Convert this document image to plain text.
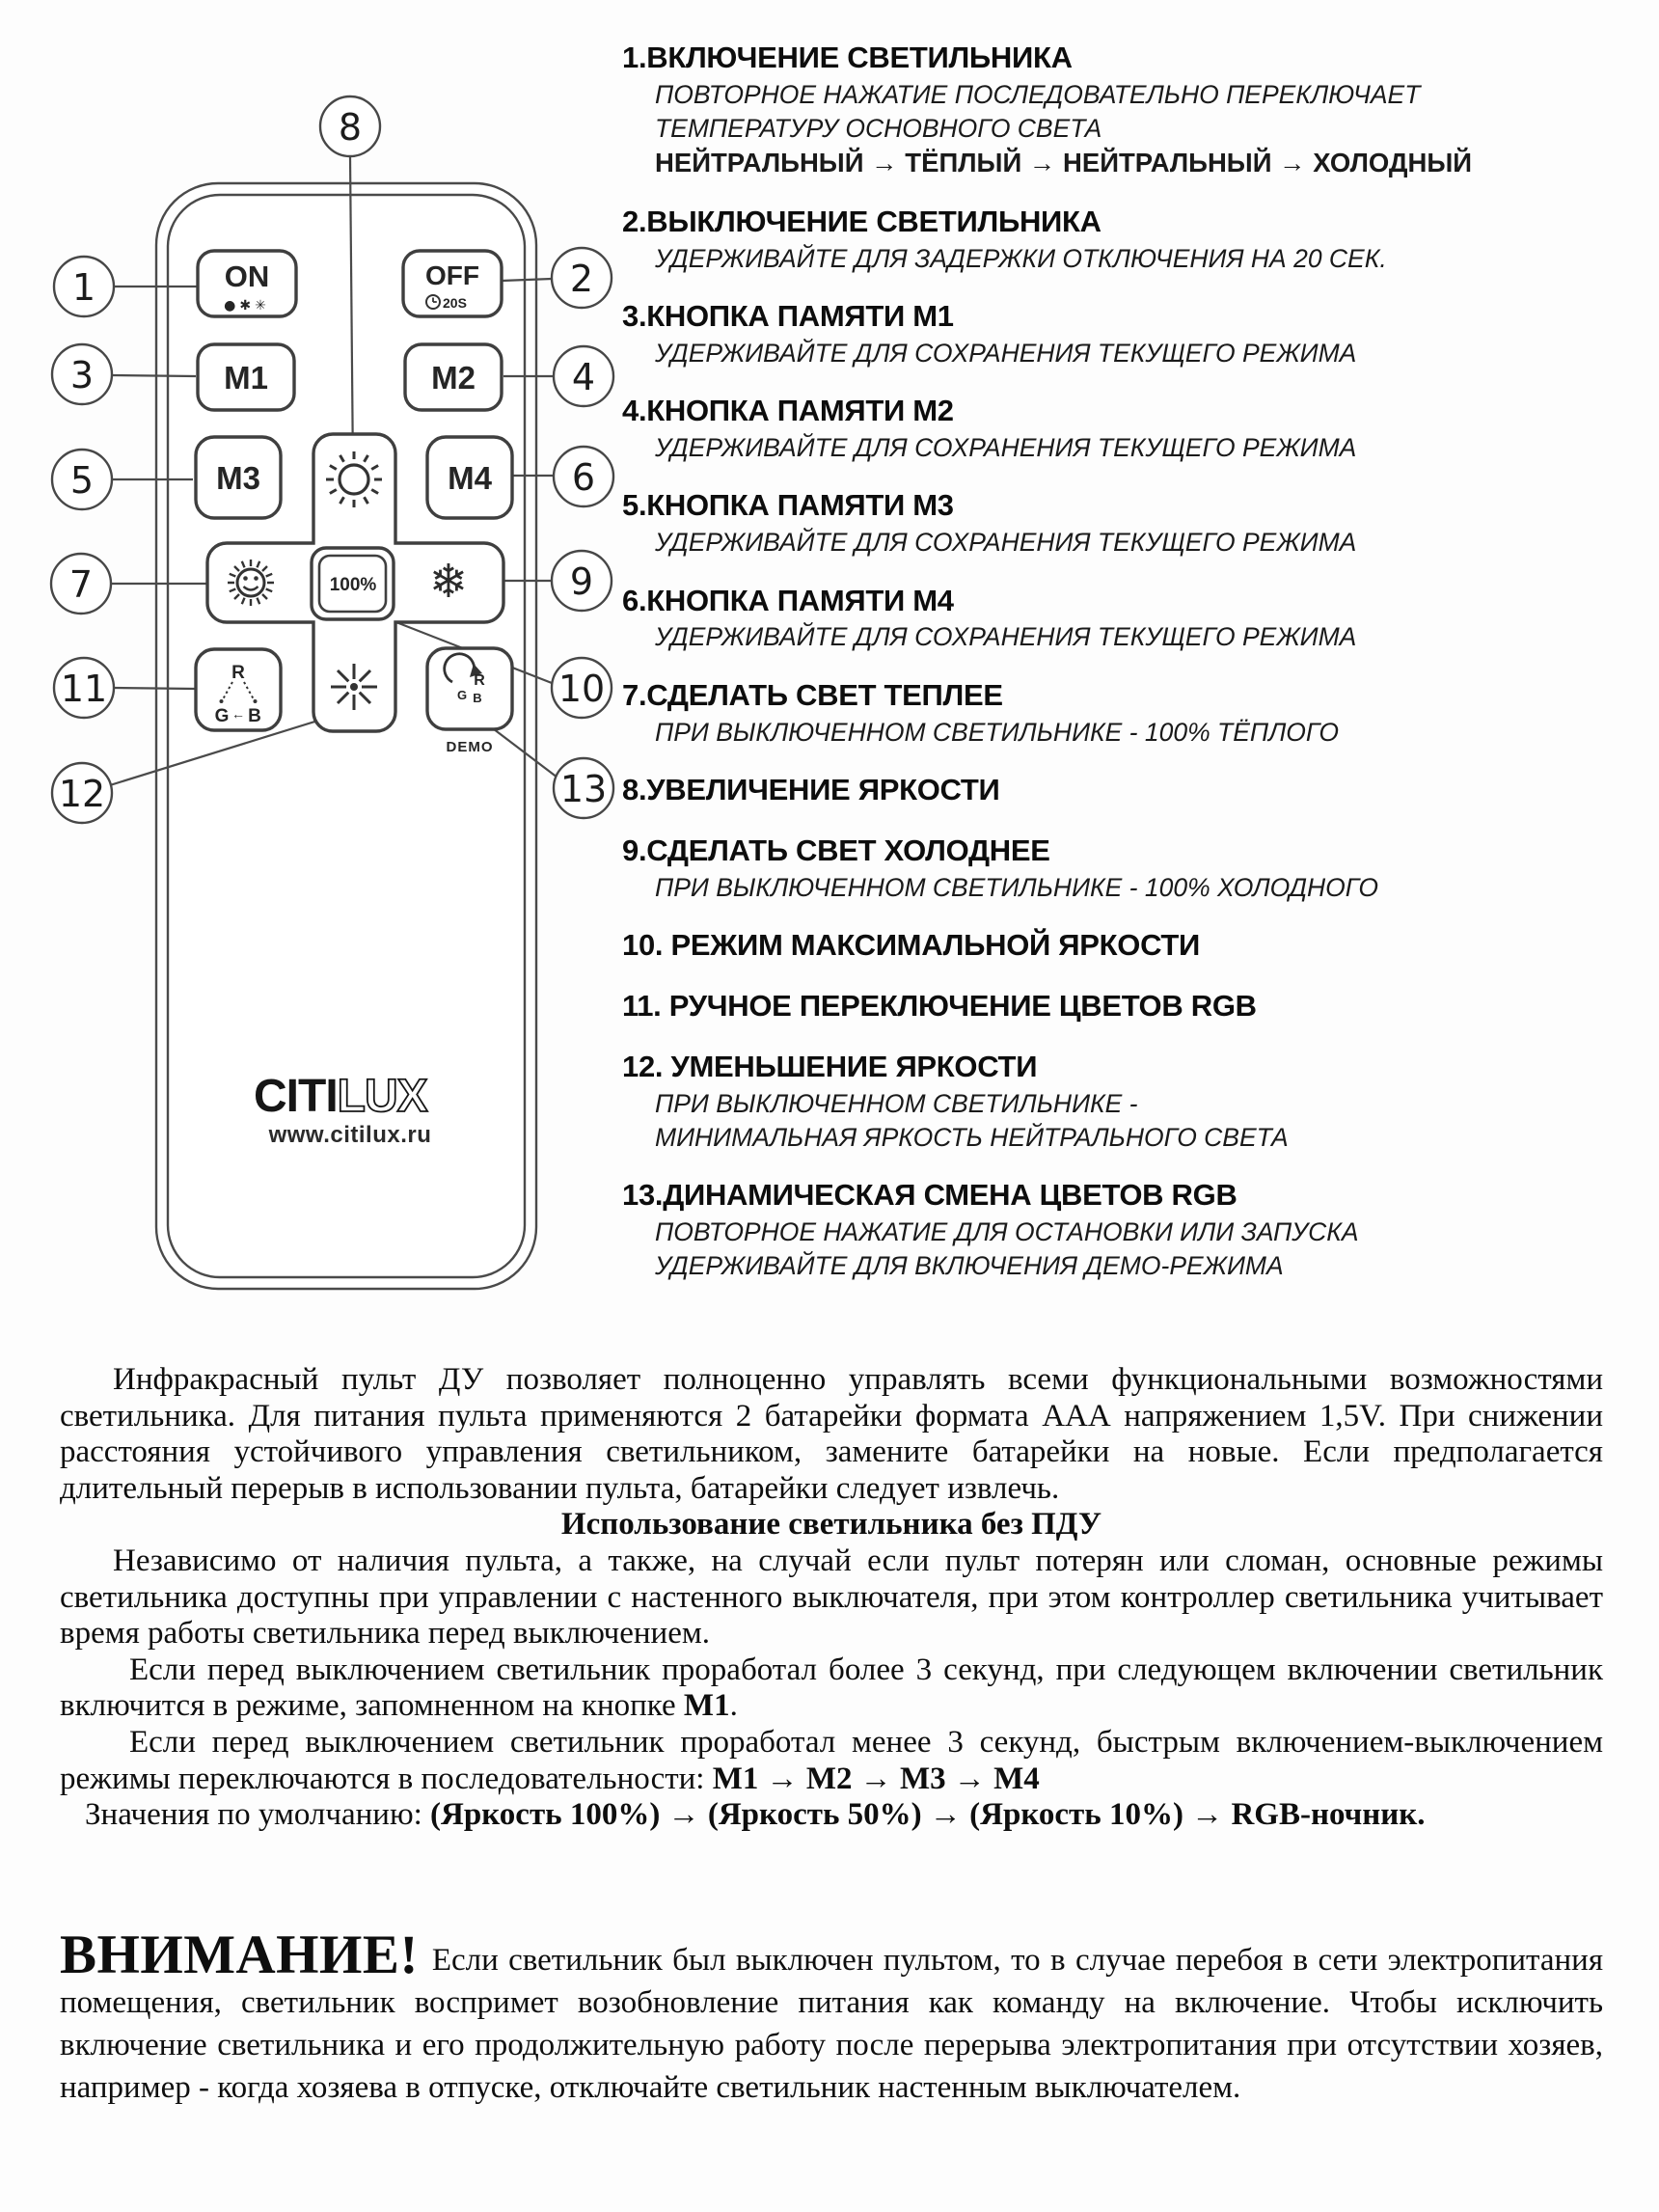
❄
ON
●✱✳
OFF
20S
M1	M2
M3	M4
100%
R
G ← B
R
G B
DEMO
CITILUX
www.citilux.ru
1	2
3	4
5	6
7
8
9
10
11
12	13
1.ВКЛЮЧЕНИЕ СВЕТИЛЬНИКА
ПОВТОРНОЕ НАЖАТИЕ ПОСЛЕДОВАТЕЛЬНО ПЕРЕКЛЮЧАЕТ
ТЕМПЕРАТУРУ ОСНОВНОГО СВЕТА
НЕЙТРАЛЬНЫЙ → ТЁПЛЫЙ → НЕЙТРАЛЬНЫЙ → ХОЛОДНЫЙ
2.ВЫКЛЮЧЕНИЕ СВЕТИЛЬНИКА
УДЕРЖИВАЙТЕ ДЛЯ ЗАДЕРЖКИ ОТКЛЮЧЕНИЯ НА 20 СЕК.
3.КНОПКА ПАМЯТИ М1
УДЕРЖИВАЙТЕ ДЛЯ СОХРАНЕНИЯ ТЕКУЩЕГО РЕЖИМА
4.КНОПКА ПАМЯТИ М2
УДЕРЖИВАЙТЕ ДЛЯ СОХРАНЕНИЯ ТЕКУЩЕГО РЕЖИМА
5.КНОПКА ПАМЯТИ М3
УДЕРЖИВАЙТЕ ДЛЯ СОХРАНЕНИЯ ТЕКУЩЕГО РЕЖИМА
6.КНОПКА ПАМЯТИ М4
УДЕРЖИВАЙТЕ ДЛЯ СОХРАНЕНИЯ ТЕКУЩЕГО РЕЖИМА
7.СДЕЛАТЬ СВЕТ ТЕПЛЕЕ
ПРИ ВЫКЛЮЧЕННОМ СВЕТИЛЬНИКЕ - 100% ТЁПЛОГО
8.УВЕЛИЧЕНИЕ ЯРКОСТИ
9.СДЕЛАТЬ СВЕТ ХОЛОДНЕЕ
ПРИ ВЫКЛЮЧЕННОМ СВЕТИЛЬНИКЕ - 100% ХОЛОДНОГО
10. РЕЖИМ МАКСИМАЛЬНОЙ ЯРКОСТИ
11. РУЧНОЕ ПЕРЕКЛЮЧЕНИЕ ЦВЕТОВ RGB
12. УМЕНЬШЕНИЕ ЯРКОСТИ
ПРИ ВЫКЛЮЧЕННОМ СВЕТИЛЬНИКЕ -
МИНИМАЛЬНАЯ ЯРКОСТЬ НЕЙТРАЛЬНОГО СВЕТА
13.ДИНАМИЧЕСКАЯ СМЕНА ЦВЕТОВ RGB
ПОВТОРНОЕ НАЖАТИЕ ДЛЯ ОСТАНОВКИ ИЛИ ЗАПУСКА
УДЕРЖИВАЙТЕ ДЛЯ ВКЛЮЧЕНИЯ ДЕМО-РЕЖИМА

Инфракрасный пульт ДУ позволяет полноценно управлять всеми функциональными возможностями светильника. Для питания пульта применяются 2 батарейки формата ААА напряжением 1,5V. При снижении расстояния устойчивого управления светильником, замените батарейки на новые. Если предполагается длительный перерыв в использовании пульта, батарейки следует извлечь.

Использование светильника без ПДУ

Независимо от наличия пульта, а также, на случай если пульт потерян или сломан, основные режимы светильника доступны при управлении с настенного выключателя, при этом контроллер светильника учитывает время работы светильника перед выключением.

Если перед выключением светильник проработал более 3 секунд, при следующем включении светильник включится в режиме, запомненном на кнопке М1.

Если перед выключением светильник проработал менее 3 секунд, быстрым включением-выключением режимы переключаются в последовательности: М1 → М2 → М3 → М4

Значения по умолчанию: (Яркость 100%) → (Яркость 50%) → (Яркость 10%) → RGB-ночник.

ВНИМАНИЕ! Если светильник был выключен пультом, то в случае перебоя в сети электропитания помещения, светильник воспримет возобновление питания как команду на включение. Чтобы исключить включение светильника и его продолжительную работу после перерыва электропитания при отсутствии хозяев, например - когда хозяева в отпуске, отключайте светильник настенным выключателем.
